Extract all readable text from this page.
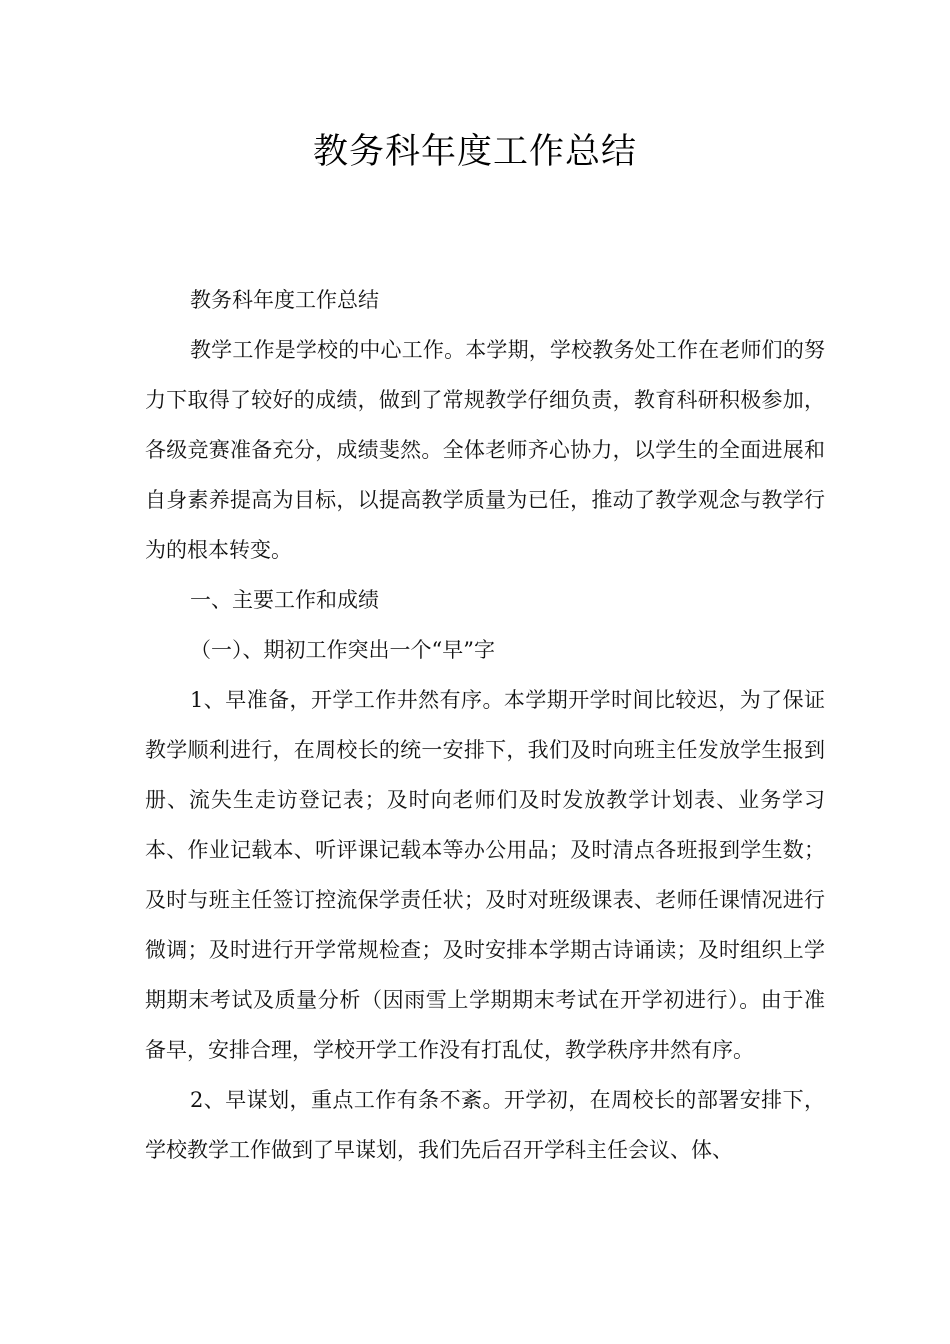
教务科年度工作总结

教务科年度工作总结

教学工作是学校的中心工作。本学期，学校教务处工作在老师们的努力下取得了较好的成绩，做到了常规教学仔细负责，教育科研积极参加，各级竞赛准备充分，成绩斐然。全体老师齐心协力，以学生的全面进展和自身素养提高为目标，以提高教学质量为已任，推动了教学观念与教学行为的根本转变。

一、主要工作和成绩

（一）、期初工作突出一个“早”字

1、早准备，开学工作井然有序。本学期开学时间比较迟，为了保证教学顺利进行，在周校长的统一安排下，我们及时向班主任发放学生报到册、流失生走访登记表；及时向老师们及时发放教学计划表、业务学习本、作业记载本、听评课记载本等办公用品；及时清点各班报到学生数；及时与班主任签订控流保学责任状；及时对班级课表、老师任课情况进行微调；及时进行开学常规检查；及时安排本学期古诗诵读；及时组织上学期期末考试及质量分析（因雨雪上学期期末考试在开学初进行）。由于准备早，安排合理，学校开学工作没有打乱仗，教学秩序井然有序。

2、早谋划，重点工作有条不紊。开学初，在周校长的部署安排下，学校教学工作做到了早谋划，我们先后召开学科主任会议、体、
